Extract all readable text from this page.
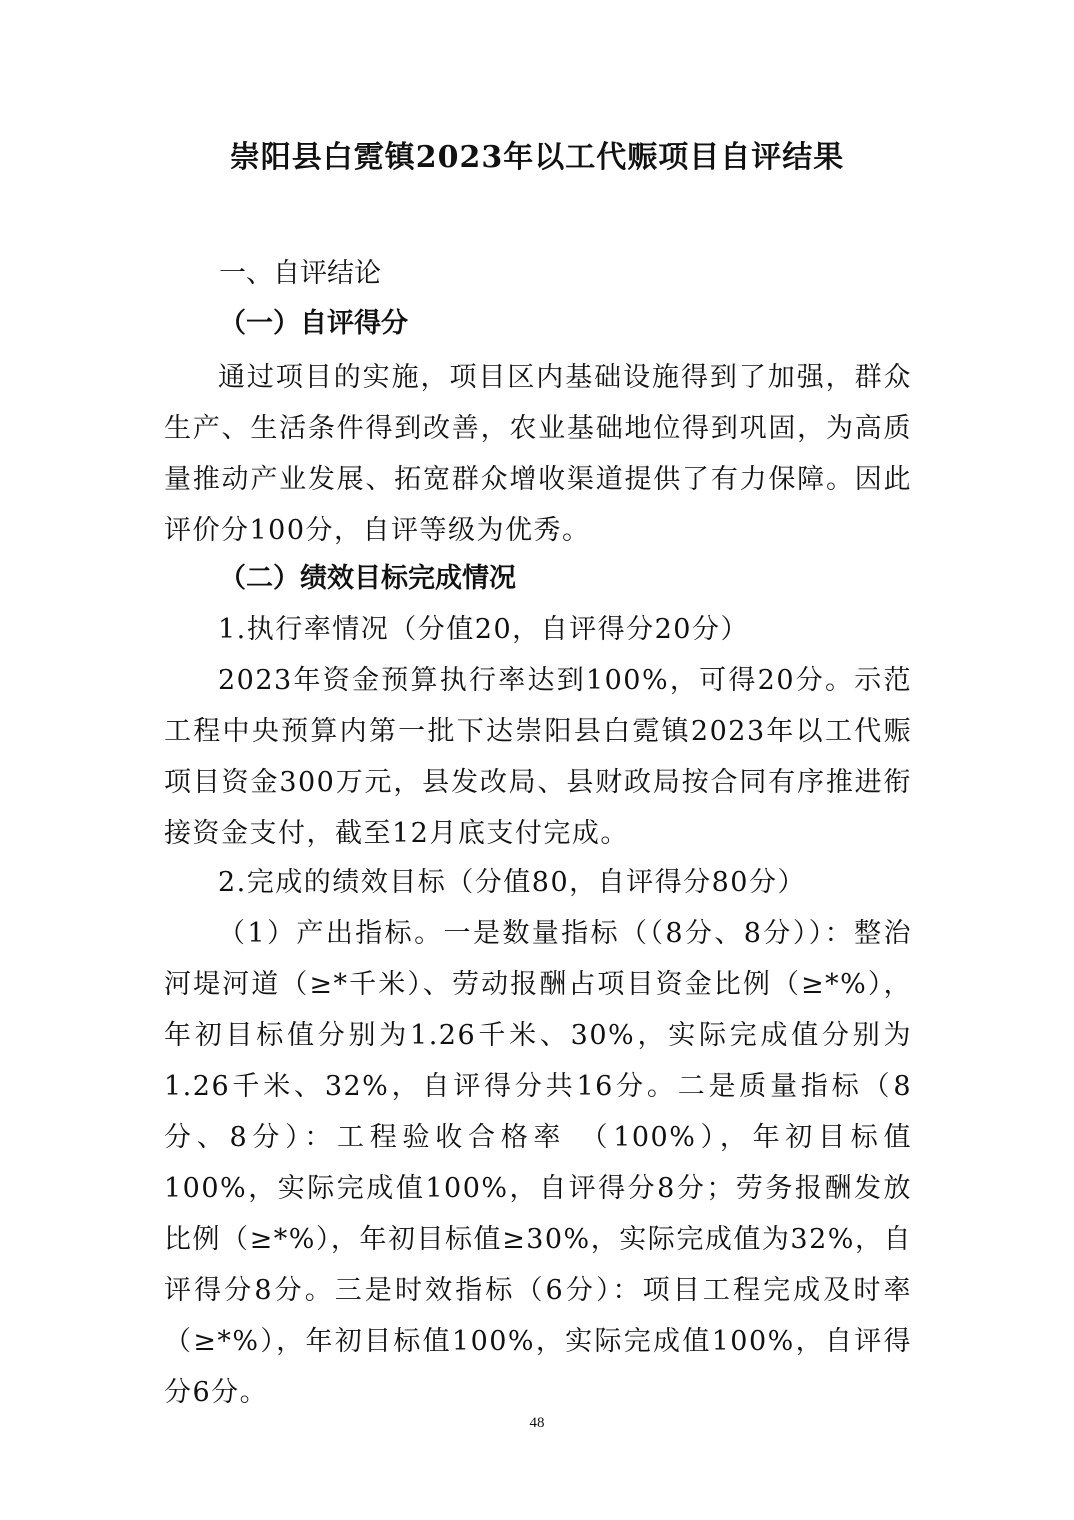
崇阳县白霓镇2023年以工代赈项目自评结果
一、自评结论
（一）自评得分

通过项目的实施，项目区内基础设施得到了加强，群众生产、生活条件得到改善，农业基础地位得到巩固，为高质量推动产业发展、拓宽群众增收渠道提供了有力保障。因此评价分100分，自评等级为优秀。

（二）绩效目标完成情况

1.执行率情况（分值20，自评得分20分）

2023年资金预算执行率达到100%，可得20分。示范工程中央预算内第一批下达崇阳县白霓镇2023年以工代赈项目资金300万元，县发改局、县财政局按合同有序推进衔接资金支付，截至12月底支付完成。

2.完成的绩效目标（分值80，自评得分80分）

（1）产出指标。一是数量指标（（8分、8分））：整治河堤河道（≥*千米）、劳动报酬占项目资金比例（≥*%），年初目标值分别为1.26千米、30%，实际完成值分别为1.26千米、32%，自评得分共16分。二是质量指标（8分、8分）：工程验收合格率 （100%），年初目标值100%，实际完成值100%，自评得分8分；劳务报酬发放比例（≥*%），年初目标值≥30%，实际完成值为32%，自评得分8分。三是时效指标（6分）：项目工程完成及时率（≥*%），年初目标值100%，实际完成值100%，自评得分6分。

48
